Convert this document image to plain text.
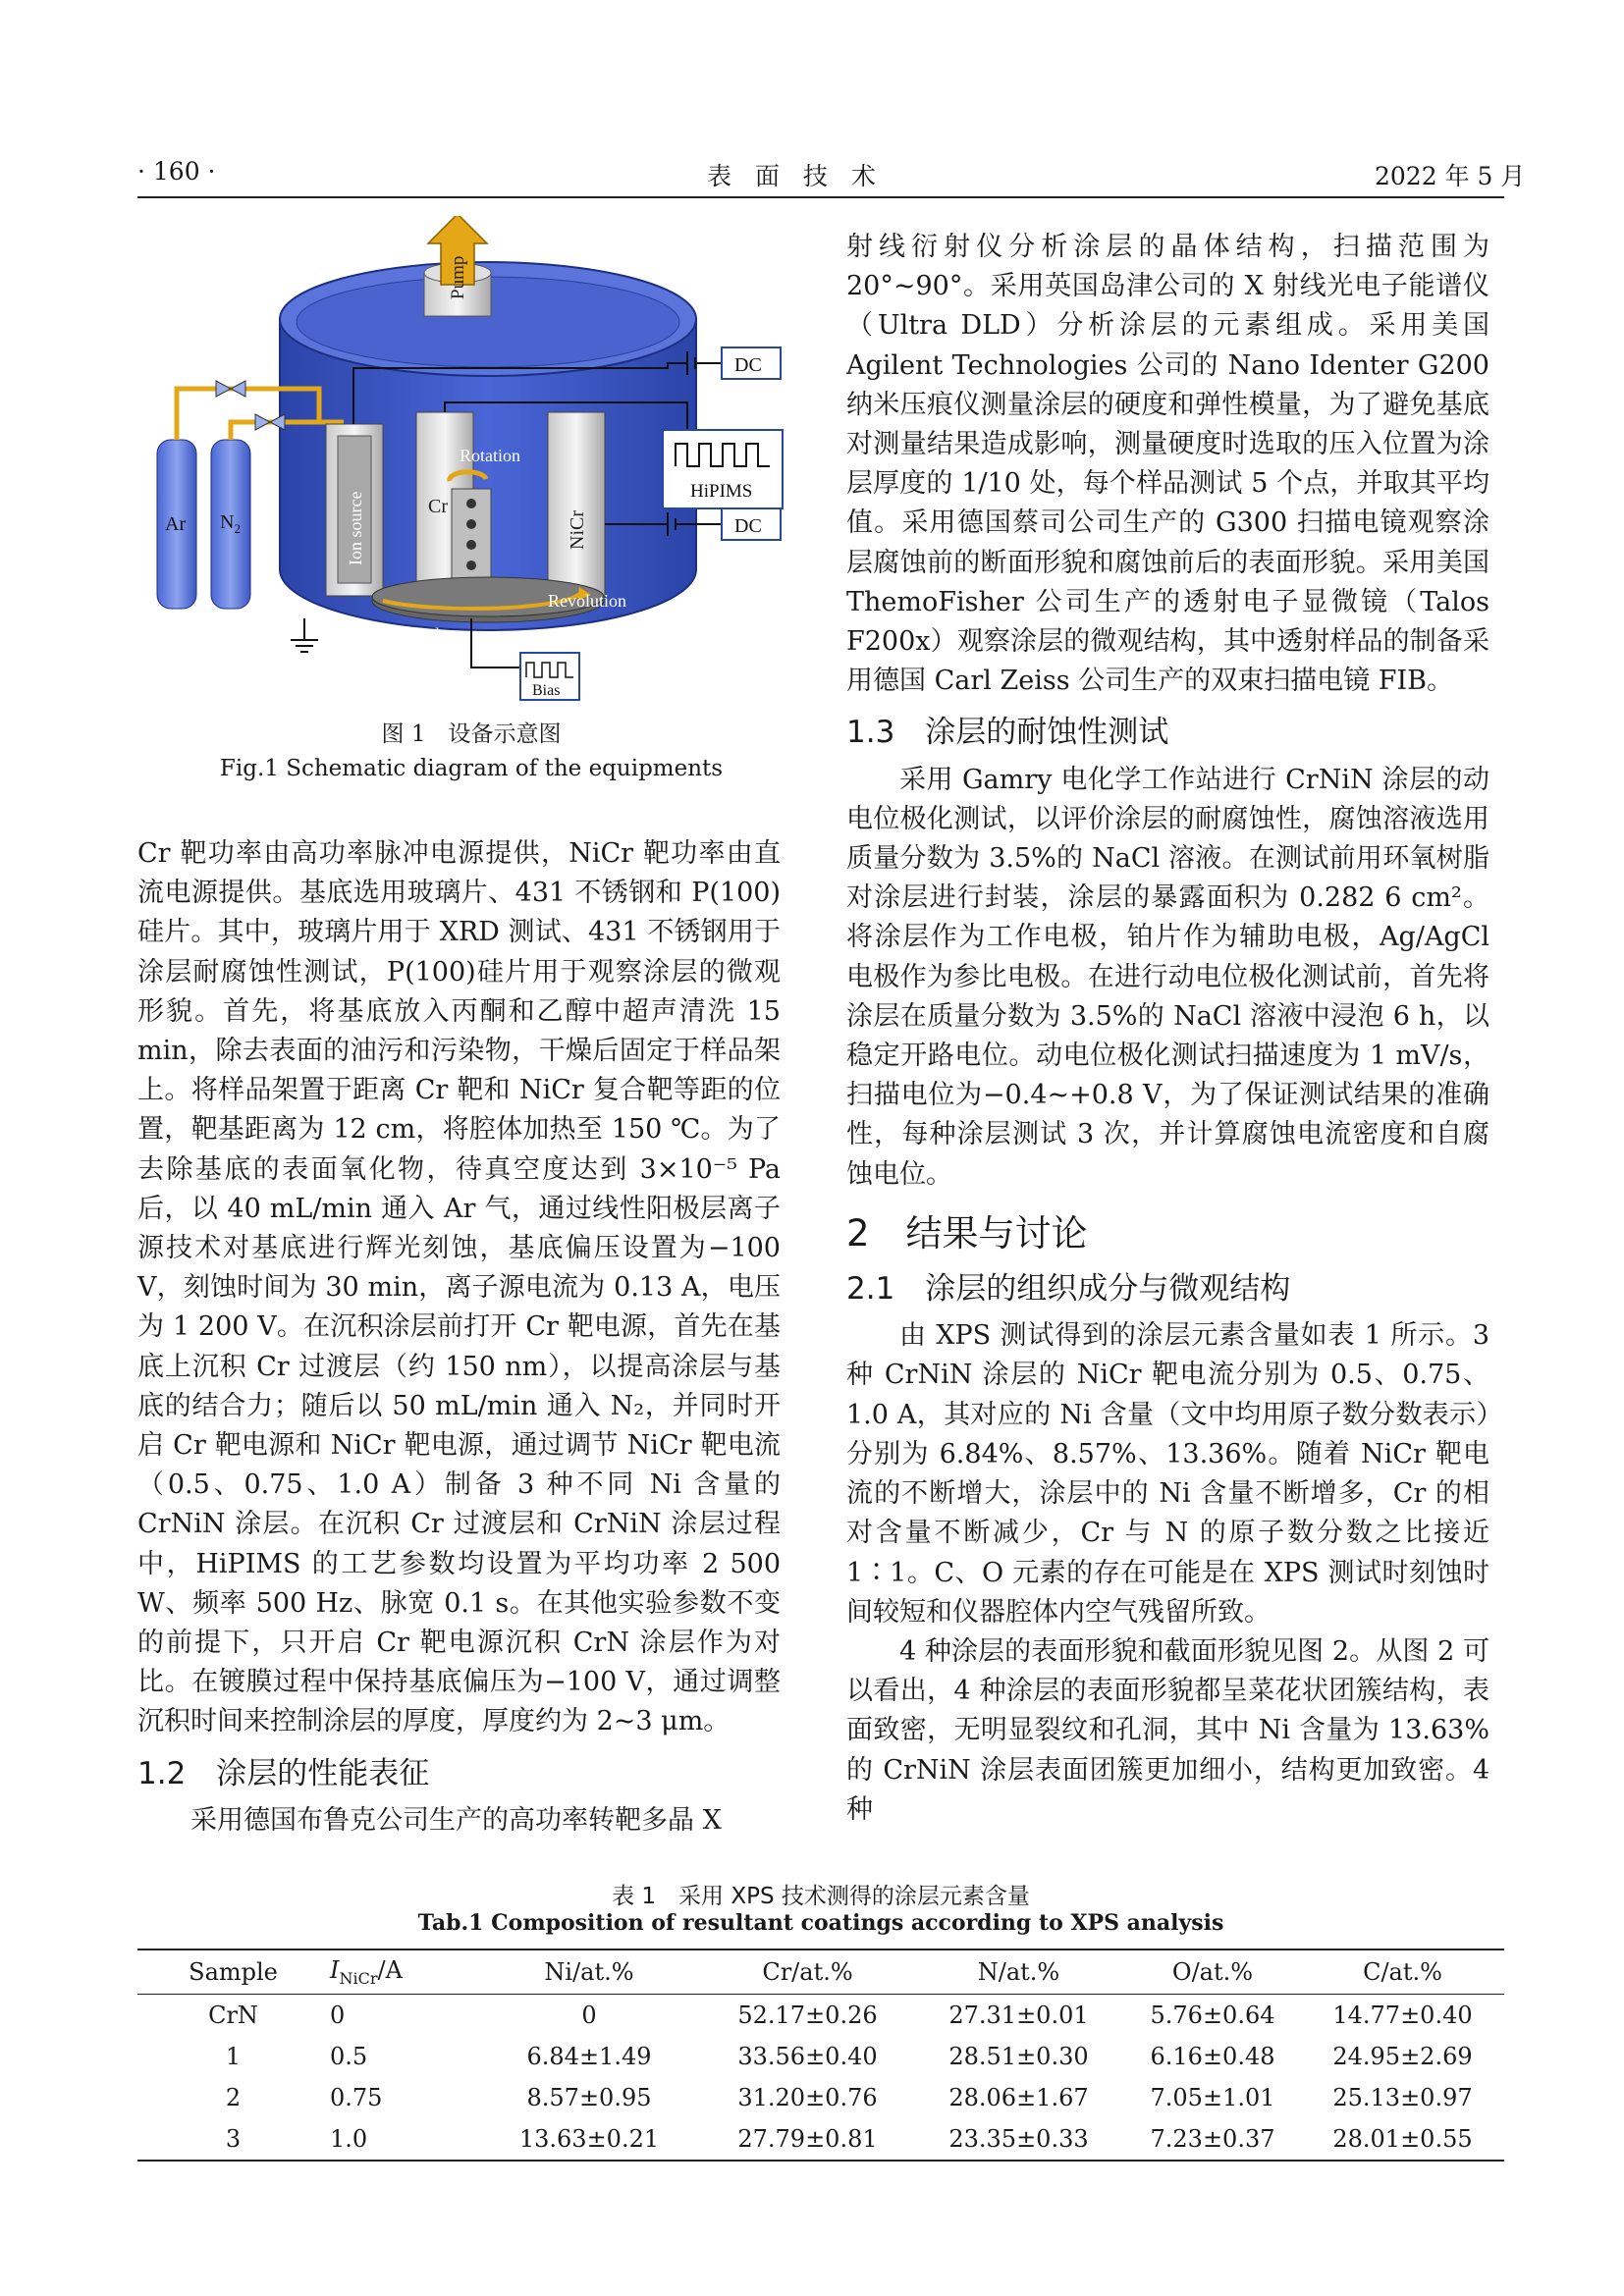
· 160 ·	表 面 技 术	2022 年 5 月
Pump
Ar $N_2$	Ion source	Cr
NiCr
Rotation
Revolution
Samples
DC
HiPIMS
DC
Bias
图 1　设备示意图
Fig.1 Schematic diagram of the equipments

Cr 靶功率由高功率脉冲电源提供，NiCr 靶功率由直流电源提供。基底选用玻璃片、431 不锈钢和 P(100)硅片。其中，玻璃片用于 XRD 测试、431 不锈钢用于涂层耐腐蚀性测试，P(100)硅片用于观察涂层的微观形貌。首先，将基底放入丙酮和乙醇中超声清洗 15 min，除去表面的油污和污染物，干燥后固定于样品架上。将样品架置于距离 Cr 靶和 NiCr 复合靶等距的位置，靶基距离为 12 cm，将腔体加热至 150 ℃。为了去除基底的表面氧化物，待真空度达到 3×10⁻⁵ Pa 后，以 40 mL/min 通入 Ar 气，通过线性阳极层离子源技术对基底进行辉光刻蚀，基底偏压设置为−100 V，刻蚀时间为 30 min，离子源电流为 0.13 A，电压为 1 200 V。在沉积涂层前打开 Cr 靶电源，首先在基底上沉积 Cr 过渡层（约 150 nm），以提高涂层与基底的结合力；随后以 50 mL/min 通入 N₂，并同时开启 Cr 靶电源和 NiCr 靶电源，通过调节 NiCr 靶电流（0.5、0.75、1.0 A）制备 3 种不同 Ni 含量的 CrNiN 涂层。在沉积 Cr 过渡层和 CrNiN 涂层过程中，HiPIMS 的工艺参数均设置为平均功率 2 500 W、频率 500 Hz、脉宽 0.1 s。在其他实验参数不变的前提下，只开启 Cr 靶电源沉积 CrN 涂层作为对比。在镀膜过程中保持基底偏压为−100 V，通过调整沉积时间来控制涂层的厚度，厚度约为 2~3 μm。

1.2　涂层的性能表征

采用德国布鲁克公司生产的高功率转靶多晶 X

射线衍射仪分析涂层的晶体结构，扫描范围为 20°~90°。采用英国岛津公司的 X 射线光电子能谱仪（Ultra DLD）分析涂层的元素组成。采用美国 Agilent Technologies 公司的 Nano Identer G200 纳米压痕仪测量涂层的硬度和弹性模量，为了避免基底对测量结果造成影响，测量硬度时选取的压入位置为涂层厚度的 1/10 处，每个样品测试 5 个点，并取其平均值。采用德国蔡司公司生产的 G300 扫描电镜观察涂层腐蚀前的断面形貌和腐蚀前后的表面形貌。采用美国 ThemoFisher 公司生产的透射电子显微镜（Talos F200x）观察涂层的微观结构，其中透射样品的制备采用德国 Carl Zeiss 公司生产的双束扫描电镜 FIB。

1.3　涂层的耐蚀性测试

采用 Gamry 电化学工作站进行 CrNiN 涂层的动电位极化测试，以评价涂层的耐腐蚀性，腐蚀溶液选用质量分数为 3.5%的 NaCl 溶液。在测试前用环氧树脂对涂层进行封装，涂层的暴露面积为 0.282 6 cm²。将涂层作为工作电极，铂片作为辅助电极，Ag/AgCl 电极作为参比电极。在进行动电位极化测试前，首先将涂层在质量分数为 3.5%的 NaCl 溶液中浸泡 6 h，以稳定开路电位。动电位极化测试扫描速度为 1 mV/s，扫描电位为−0.4~+0.8 V，为了保证测试结果的准确性，每种涂层测试 3 次，并计算腐蚀电流密度和自腐蚀电位。

2　结果与讨论

2.1　涂层的组织成分与微观结构

由 XPS 测试得到的涂层元素含量如表 1 所示。3 种 CrNiN 涂层的 NiCr 靶电流分别为 0.5、0.75、1.0 A，其对应的 Ni 含量（文中均用原子数分数表示）分别为 6.84%、8.57%、13.36%。随着 NiCr 靶电流的不断增大，涂层中的 Ni 含量不断增多，Cr 的相对含量不断减少，Cr 与 N 的原子数分数之比接近 1∶1。C、O 元素的存在可能是在 XPS 测试时刻蚀时间较短和仪器腔体内空气残留所致。

4 种涂层的表面形貌和截面形貌见图 2。从图 2 可以看出，4 种涂层的表面形貌都呈菜花状团簇结构，表面致密，无明显裂纹和孔洞，其中 Ni 含量为 13.63% 的 CrNiN 涂层表面团簇更加细小，结构更加致密。4 种

表 1　采用 XPS 技术测得的涂层元素含量
Tab.1 Composition of resultant coatings according to XPS analysis
Sample	$I_{NiCr}/A$	Ni/at.%	Cr/at.%	N/at.%	O/at.%	C/at.%
CrN	0	0	52.17±0.26	27.31±0.01	5.76±0.64	14.77±0.40
1	0.5	6.84±1.49	33.56±0.40	28.51±0.30	6.16±0.48	24.95±2.69
2	0.75	8.57±0.95	31.20±0.76	28.06±1.67	7.05±1.01	25.13±0.97
3	1.0	13.63±0.21	27.79±0.81	23.35±0.33	7.23±0.37	28.01±0.55
